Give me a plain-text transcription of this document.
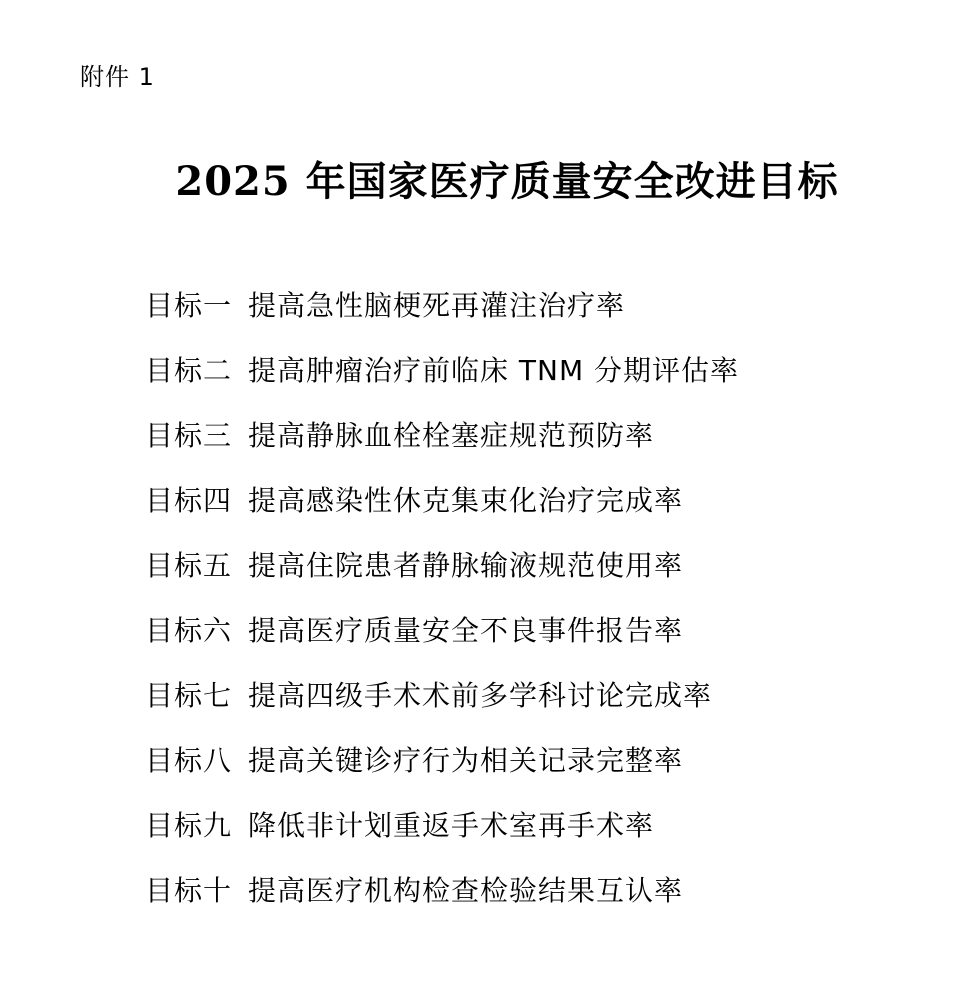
附件 1
2025 年国家医疗质量安全改进目标
目标一 提高急性脑梗死再灌注治疗率
目标二 提高肿瘤治疗前临床 TNM 分期评估率
目标三 提高静脉血栓栓塞症规范预防率
目标四 提高感染性休克集束化治疗完成率
目标五 提高住院患者静脉输液规范使用率
目标六 提高医疗质量安全不良事件报告率
目标七 提高四级手术术前多学科讨论完成率
目标八 提高关键诊疗行为相关记录完整率
目标九 降低非计划重返手术室再手术率
目标十 提高医疗机构检查检验结果互认率
